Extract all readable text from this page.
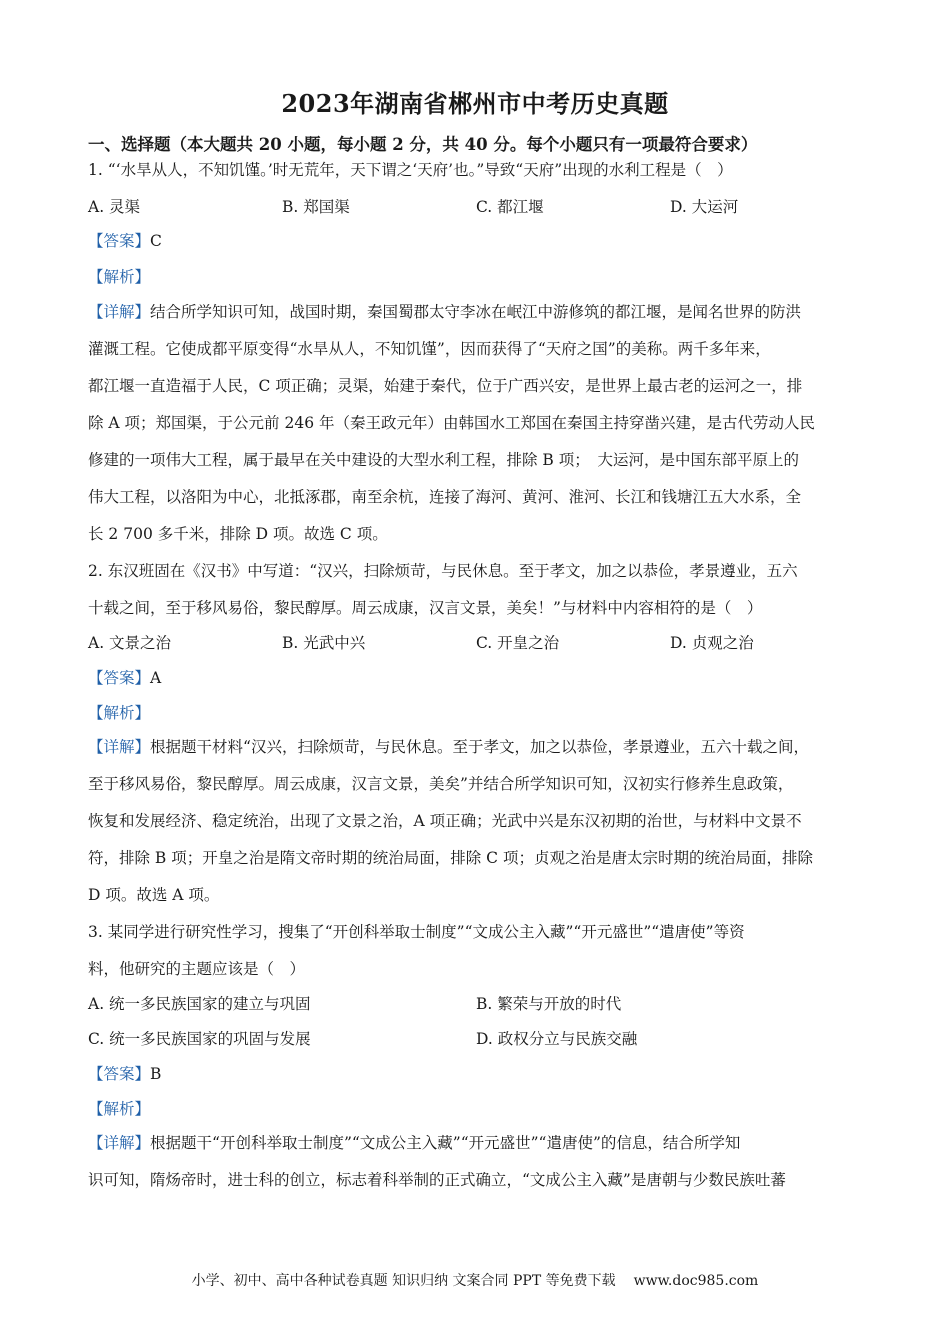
2023年湖南省郴州市中考历史真题
一、选择题（本大题共 20 小题，每小题 2 分，共 40 分。每个小题只有一项最符合要求）
1. “‘水旱从人，不知饥馑。’时无荒年，天下谓之‘天府’也。”导致“天府”出现的水利工程是（　）
A. 灵渠	B. 郑国渠	C. 都江堰	D. 大运河
【答案】C
【解析】
【详解】结合所学知识可知，战国时期，秦国蜀郡太守李冰在岷江中游修筑的都江堰，是闻名世界的防洪
灌溉工程。它使成都平原变得“水旱从人，不知饥馑”，因而获得了“天府之国”的美称。两千多年来，
都江堰一直造福于人民，C 项正确；灵渠，始建于秦代，位于广西兴安，是世界上最古老的运河之一，排
除 A 项；郑国渠，于公元前 246 年（秦王政元年）由韩国水工郑国在秦国主持穿凿兴建，是古代劳动人民
修建的一项伟大工程，属于最早在关中建设的大型水利工程，排除 B 项；　大运河，是中国东部平原上的
伟大工程，以洛阳为中心，北抵涿郡，南至余杭，连接了海河、黄河、淮河、长江和钱塘江五大水系，全
长 2 700 多千米，排除 D 项。故选 C 项。
2. 东汉班固在《汉书》中写道：“汉兴，扫除烦苛，与民休息。至于孝文，加之以恭俭，孝景遵业，五六
十载之间，至于移风易俗，黎民醇厚。周云成康，汉言文景，美矣！”与材料中内容相符的是（　）
A. 文景之治	B. 光武中兴	C. 开皇之治	D. 贞观之治
【答案】A
【解析】
【详解】根据题干材料“汉兴，扫除烦苛，与民休息。至于孝文，加之以恭俭，孝景遵业，五六十载之间，
至于移风易俗，黎民醇厚。周云成康，汉言文景，美矣”并结合所学知识可知，汉初实行修养生息政策，
恢复和发展经济、稳定统治，出现了文景之治，A 项正确；光武中兴是东汉初期的治世，与材料中文景不
符，排除 B 项；开皇之治是隋文帝时期的统治局面，排除 C 项；贞观之治是唐太宗时期的统治局面，排除
D 项。故选 A 项。
3. 某同学进行研究性学习，搜集了“开创科举取士制度”“文成公主入藏”“开元盛世”“遣唐使”等资
料，他研究的主题应该是（　）
A. 统一多民族国家的建立与巩固	B. 繁荣与开放的时代
C. 统一多民族国家的巩固与发展	D. 政权分立与民族交融
【答案】B
【解析】
【详解】根据题干“开创科举取士制度”“文成公主入藏”“开元盛世”“遣唐使”的信息，结合所学知
识可知，隋炀帝时，进士科的创立，标志着科举制的正式确立，“文成公主入藏”是唐朝与少数民族吐蕃
小学、初中、高中各种试卷真题 知识归纳 文案合同 PPT 等免费下载 www.doc985.com
